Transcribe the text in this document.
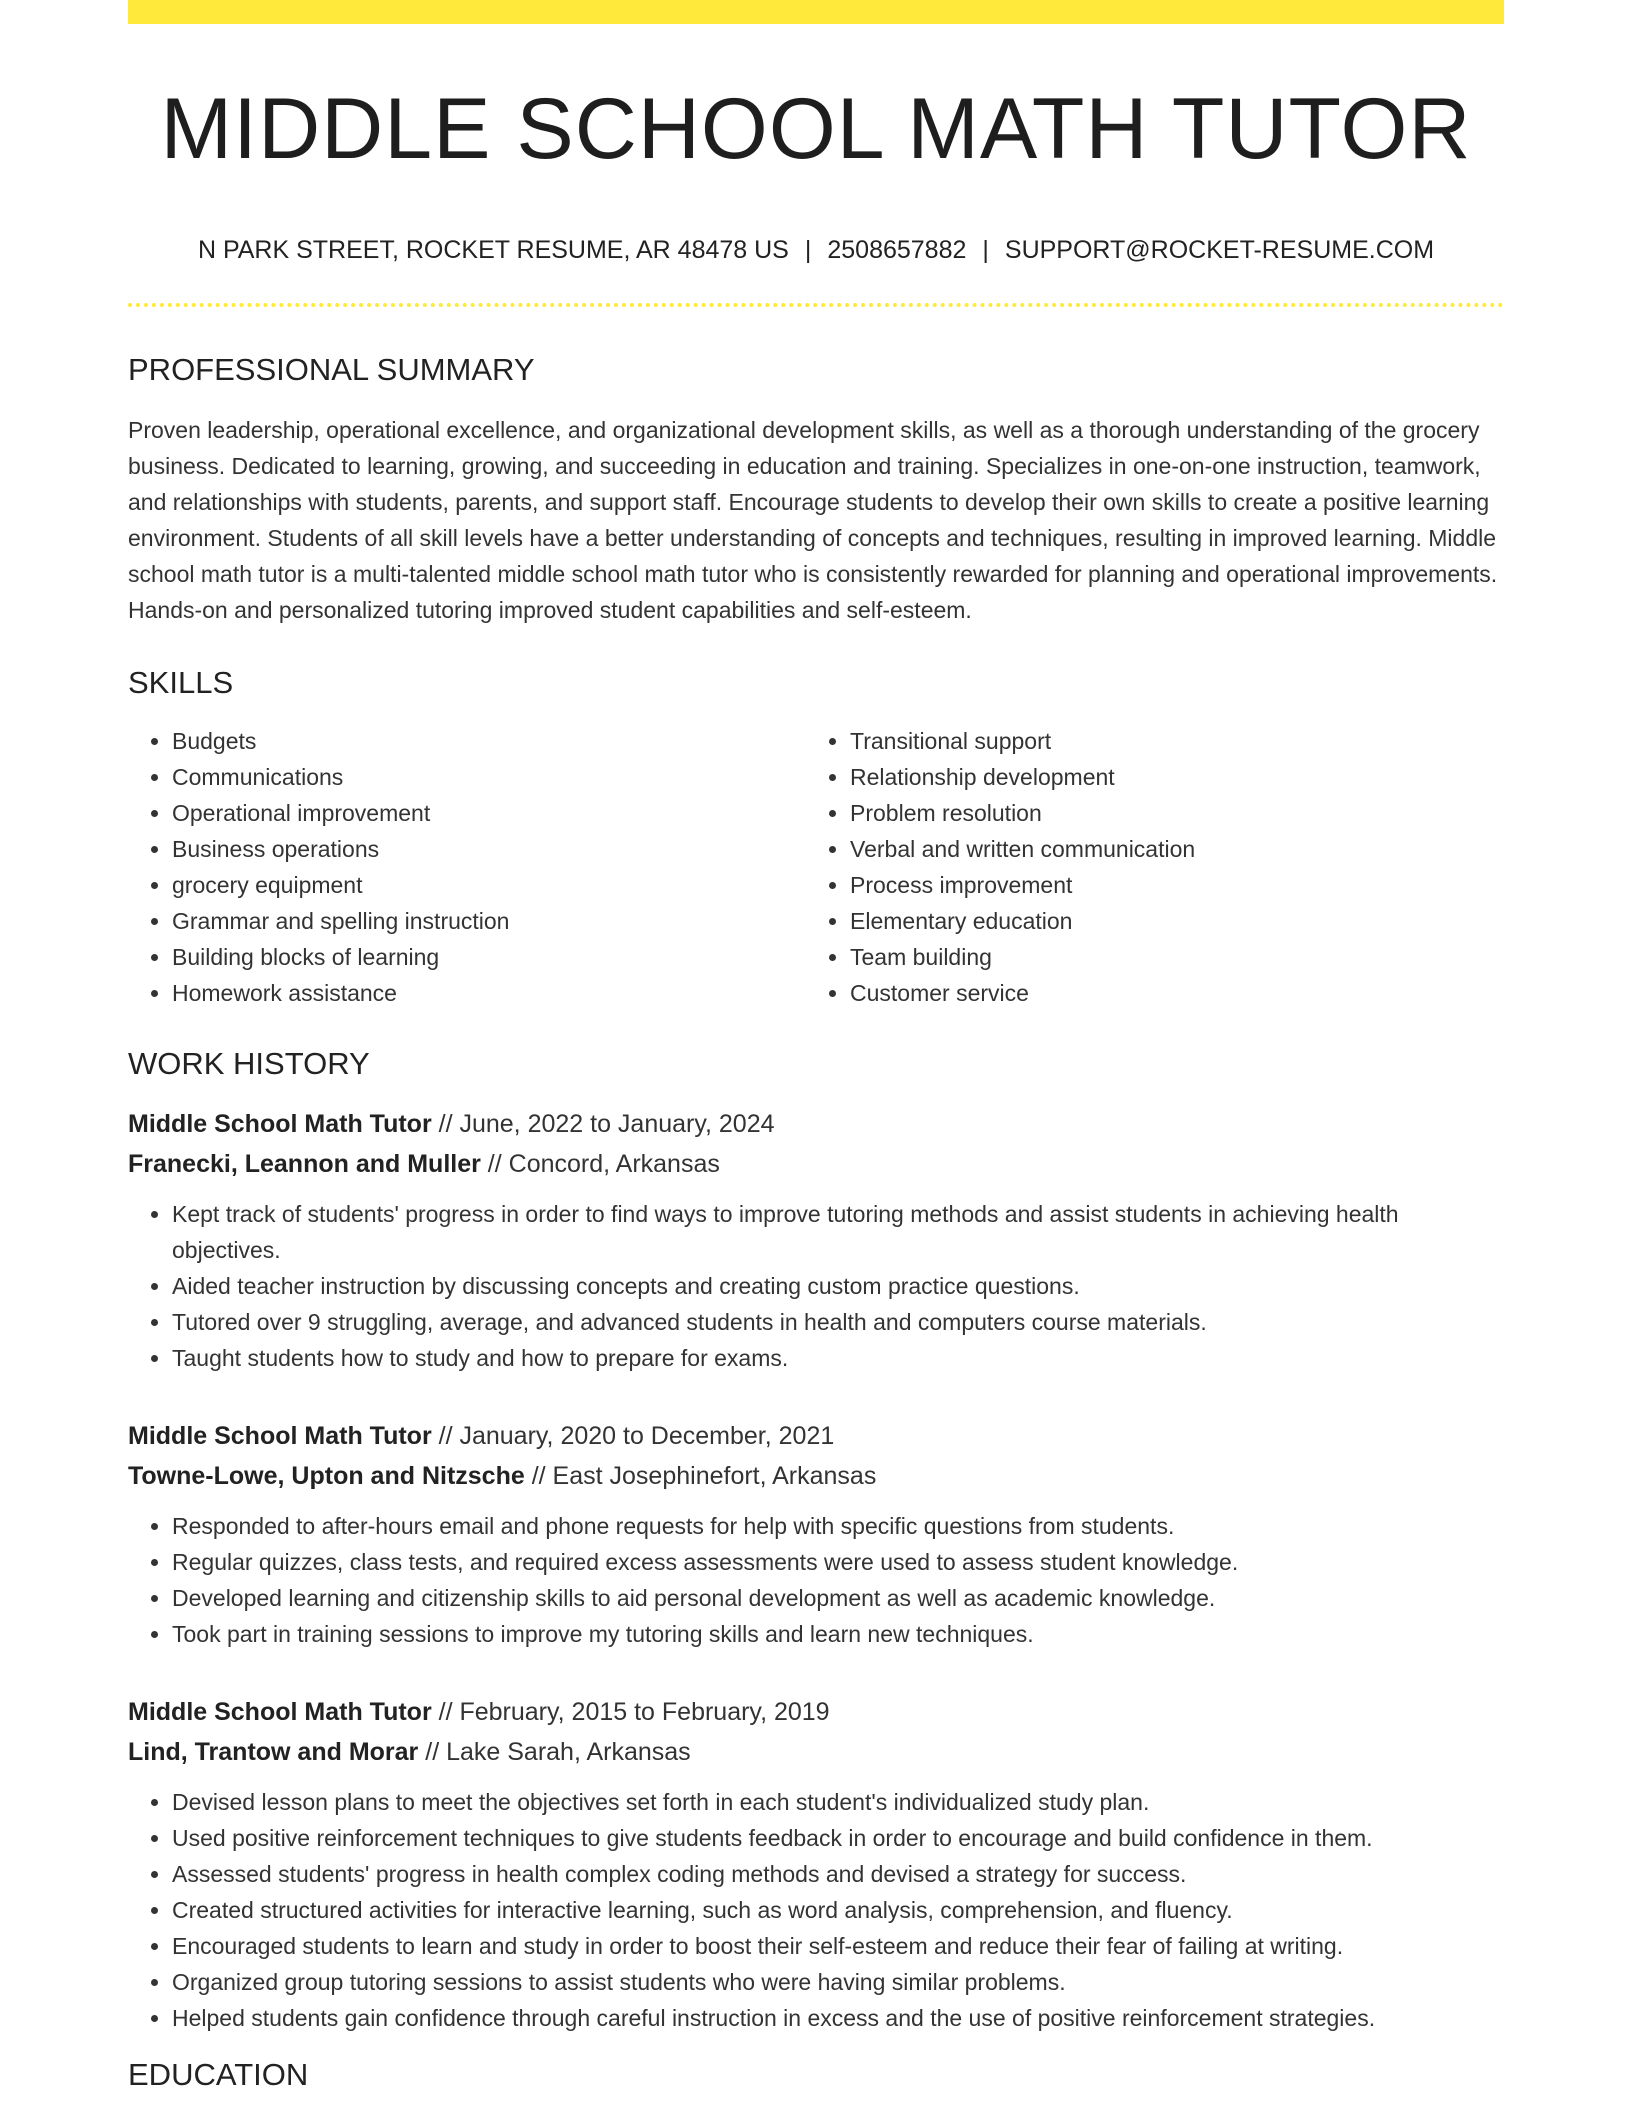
MIDDLE SCHOOL MATH TUTOR
N PARK STREET, ROCKET RESUME, AR 48478 US | 2508657882 | SUPPORT@ROCKET-RESUME.COM
PROFESSIONAL SUMMARY

Proven leadership, operational excellence, and organizational development skills, as well as a thorough understanding of the grocery business. Dedicated to learning, growing, and succeeding in education and training. Specializes in one-on-one instruction, teamwork, and relationships with students, parents, and support staff. Encourage students to develop their own skills to create a positive learning environment. Students of all skill levels have a better understanding of concepts and techniques, resulting in improved learning. Middle school math tutor is a multi-talented middle school math tutor who is consistently rewarded for planning and operational improvements. Hands-on and personalized tutoring improved student capabilities and self-esteem.

SKILLS
• Budgets
• Communications
• Operational improvement
• Business operations
• grocery equipment
• Grammar and spelling instruction
• Building blocks of learning
• Homework assistance
• Transitional support
• Relationship development
• Problem resolution
• Verbal and written communication
• Process improvement
• Elementary education
• Team building
• Customer service
WORK HISTORY
Middle School Math Tutor // June, 2022 to January, 2024
Franecki, Leannon and Muller // Concord, Arkansas
• Kept track of students' progress in order to find ways to improve tutoring methods and assist students in achieving health objectives.
• Aided teacher instruction by discussing concepts and creating custom practice questions.
• Tutored over 9 struggling, average, and advanced students in health and computers course materials.
• Taught students how to study and how to prepare for exams.
Middle School Math Tutor // January, 2020 to December, 2021
Towne-Lowe, Upton and Nitzsche // East Josephinefort, Arkansas
• Responded to after-hours email and phone requests for help with specific questions from students.
• Regular quizzes, class tests, and required excess assessments were used to assess student knowledge.
• Developed learning and citizenship skills to aid personal development as well as academic knowledge.
• Took part in training sessions to improve my tutoring skills and learn new techniques.
Middle School Math Tutor // February, 2015 to February, 2019
Lind, Trantow and Morar // Lake Sarah, Arkansas
• Devised lesson plans to meet the objectives set forth in each student's individualized study plan.
• Used positive reinforcement techniques to give students feedback in order to encourage and build confidence in them.
• Assessed students' progress in health complex coding methods and devised a strategy for success.
• Created structured activities for interactive learning, such as word analysis, comprehension, and fluency.
• Encouraged students to learn and study in order to boost their self-esteem and reduce their fear of failing at writing.
• Organized group tutoring sessions to assist students who were having similar problems.
• Helped students gain confidence through careful instruction in excess and the use of positive reinforcement strategies.
EDUCATION
